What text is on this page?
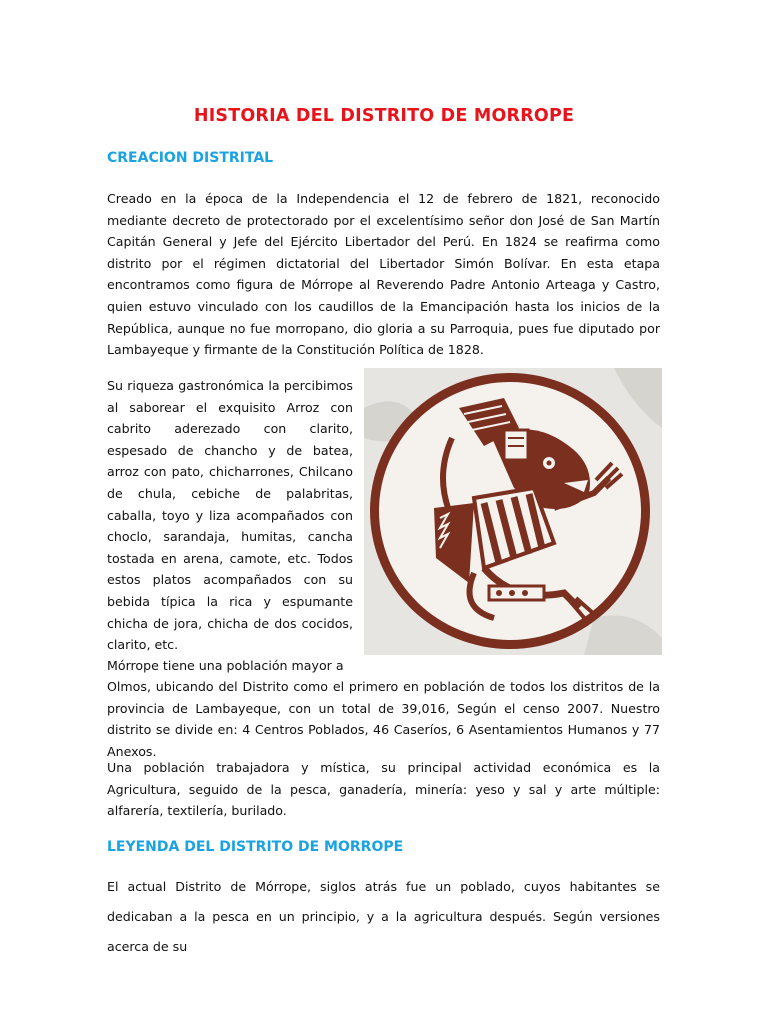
HISTORIA DEL DISTRITO DE MORROPE
CREACION DISTRITAL

Creado en la época de la Independencia el 12 de febrero de 1821, reconocido mediante decreto de protectorado por el excelentísimo señor don José de San Martín Capitán General y Jefe del Ejército Libertador del Perú. En 1824 se reafirma como distrito por el régimen dictatorial del Libertador Simón Bolívar. En esta etapa encontramos como figura de Mórrope al Reverendo Padre Antonio Arteaga y Castro, quien estuvo vinculado con los caudillos de la Emancipación hasta los inicios de la República, aunque no fue morropano, dio gloria a su Parroquia, pues fue diputado por Lambayeque y firmante de la Constitución Política de 1828.

Su riqueza gastronómica la percibimos al saborear el exquisito Arroz con cabrito aderezado con clarito, espesado de chancho y de batea, arroz con pato, chicharrones, Chilcano de chula, cebiche de palabritas, caballa, toyo y liza acompañados con choclo, sarandaja, humitas, cancha tostada en arena, camote, etc. Todos estos platos acompañados con su bebida típica la rica y espumante chicha de jora, chicha de dos cocidos, clarito, etc.

Mórrope tiene una población mayor a

Olmos, ubicando del Distrito como el primero en población de todos los distritos de la provincia de Lambayeque, con un total de 39,016, Según el censo 2007. Nuestro distrito se divide en: 4 Centros Poblados, 46 Caseríos, 6 Asentamientos Humanos y 77 Anexos.

Una población trabajadora y mística, su principal actividad económica es la Agricultura, seguido de la pesca, ganadería, minería: yeso y sal y arte múltiple: alfarería, textilería, burilado.

LEYENDA DEL DISTRITO DE MORROPE

El actual Distrito de Mórrope, siglos atrás fue un poblado, cuyos habitantes se dedicaban a la pesca en un principio, y a la agricultura después. Según versiones acerca de su
